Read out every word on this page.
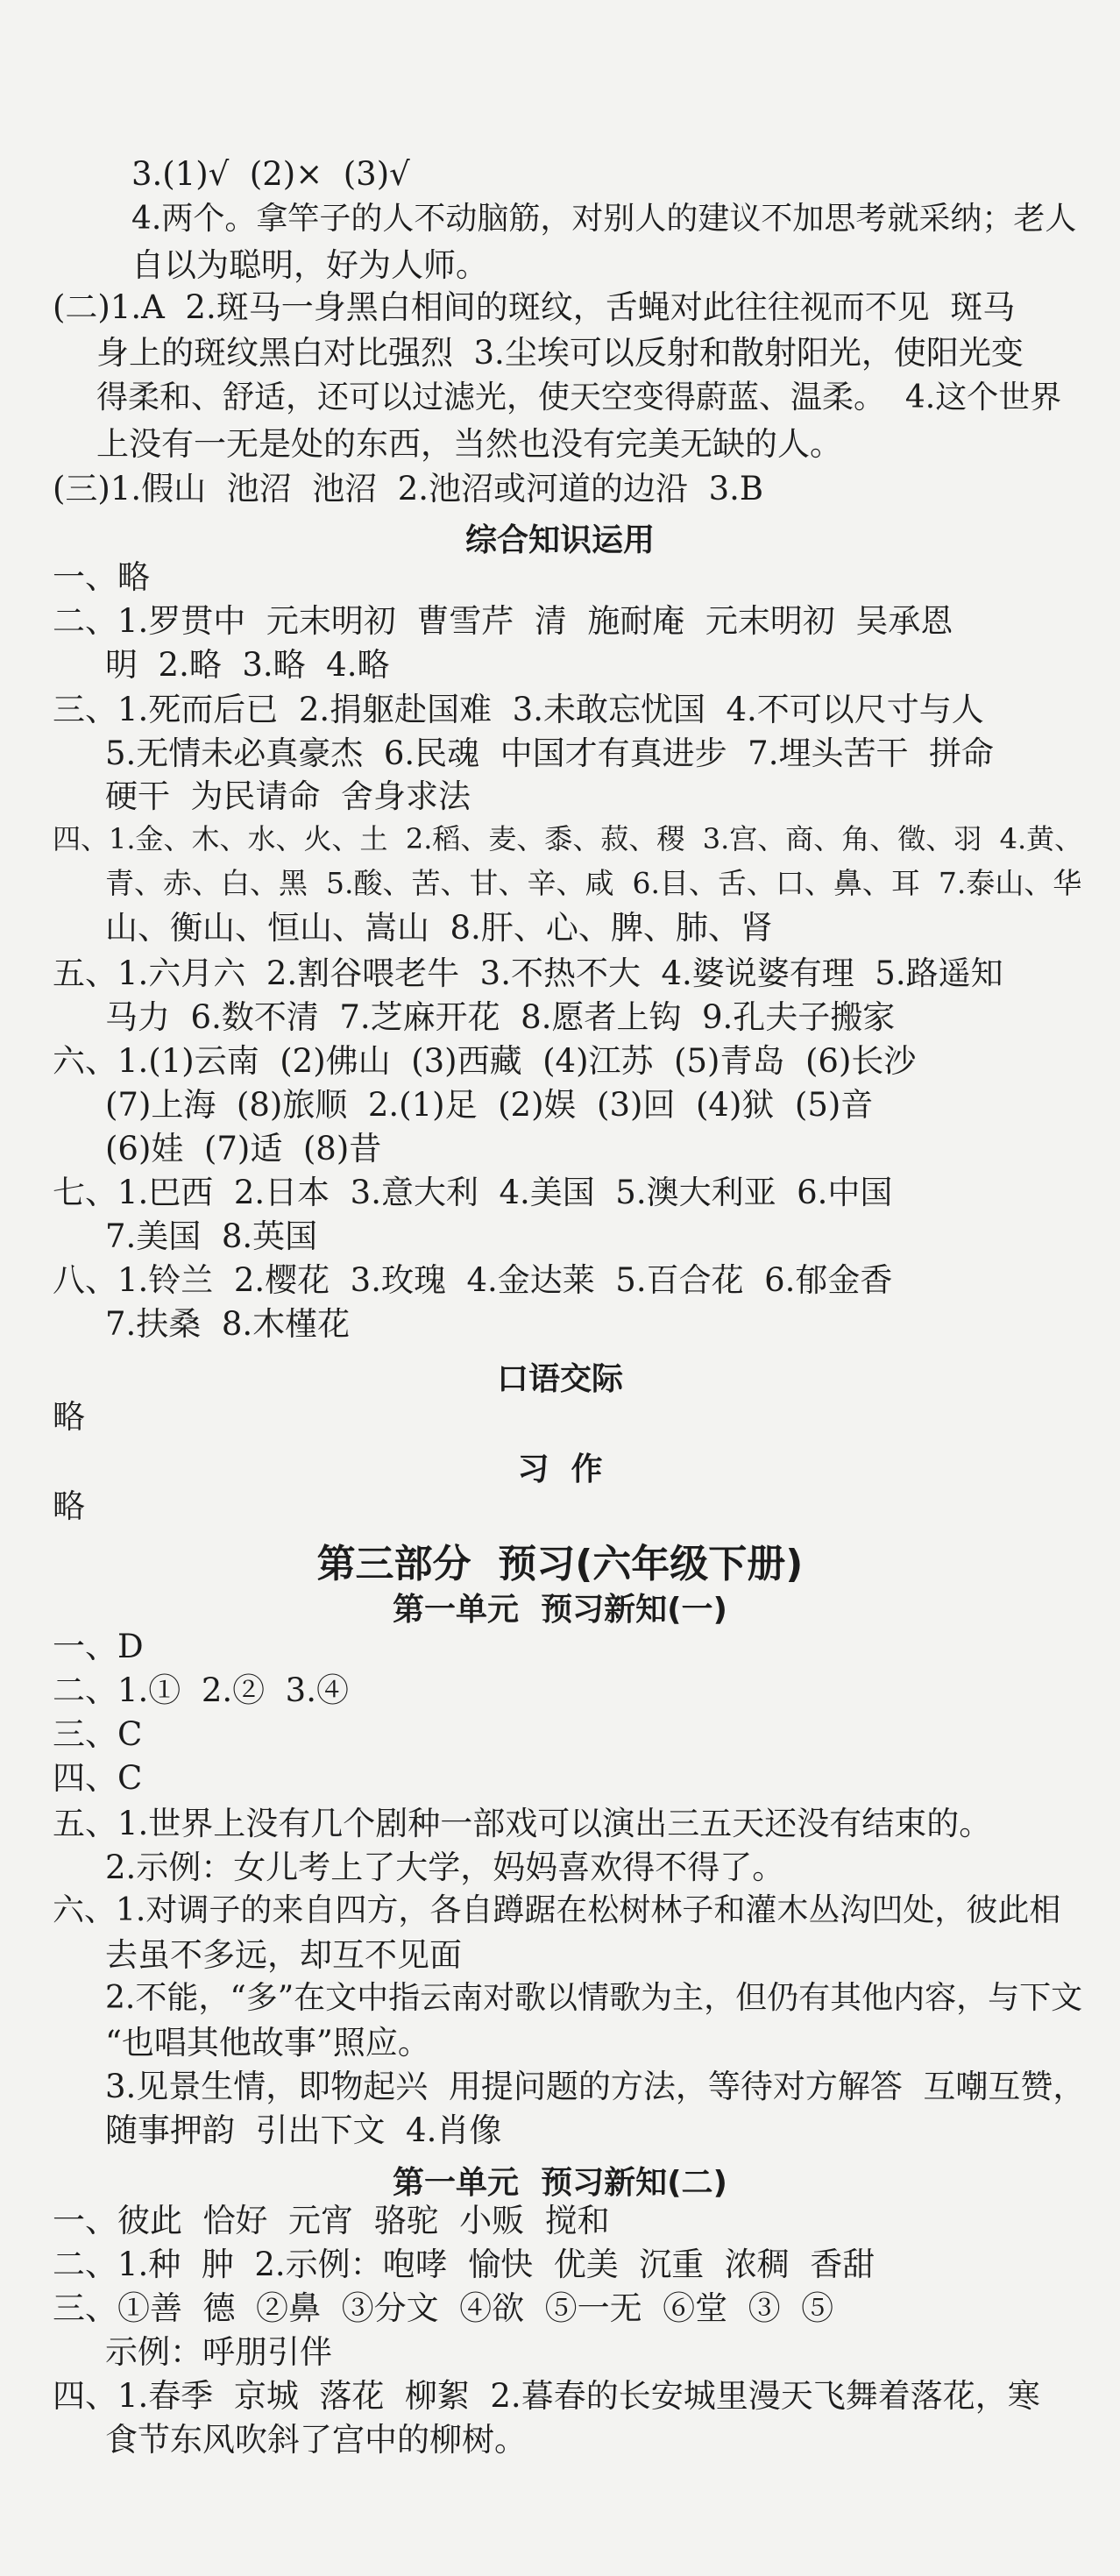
综合知识运用
口语交际
习  作
第三部分  预习(六年级下册)
第一单元  预习新知(一)
第一单元  预习新知(二)
3.(1)√  (2)×  (3)√
4.两个。拿竿子的人不动脑筋，对别人的建议不加思考就采纳；老人
自以为聪明，好为人师。
(二)1.A  2.斑马一身黑白相间的斑纹，舌蝇对此往往视而不见  斑马
身上的斑纹黑白对比强烈  3.尘埃可以反射和散射阳光，使阳光变
得柔和、舒适，还可以过滤光，使天空变得蔚蓝、温柔。  4.这个世界
上没有一无是处的东西，当然也没有完美无缺的人。
(三)1.假山  池沼  池沼  2.池沼或河道的边沿  3.B
一、略
二、1.罗贯中  元末明初  曹雪芹  清  施耐庵  元末明初  吴承恩
明  2.略  3.略  4.略
三、1.死而后已  2.捐躯赴国难  3.未敢忘忧国  4.不可以尺寸与人
5.无情未必真豪杰  6.民魂  中国才有真进步  7.埋头苦干  拼命
硬干  为民请命  舍身求法
四、1.金、木、水、火、土  2.稻、麦、黍、菽、稷  3.宫、商、角、徵、羽  4.黄、
青、赤、白、黑  5.酸、苦、甘、辛、咸  6.目、舌、口、鼻、耳  7.泰山、华
山、衡山、恒山、嵩山  8.肝、心、脾、肺、肾
五、1.六月六  2.割谷喂老牛  3.不热不大  4.婆说婆有理  5.路遥知
马力  6.数不清  7.芝麻开花  8.愿者上钩  9.孔夫子搬家
六、1.(1)云南  (2)佛山  (3)西藏  (4)江苏  (5)青岛  (6)长沙
(7)上海  (8)旅顺  2.(1)足  (2)娱  (3)回  (4)狱  (5)音
(6)娃  (7)适  (8)昔
七、1.巴西  2.日本  3.意大利  4.美国  5.澳大利亚  6.中国
7.美国  8.英国
八、1.铃兰  2.樱花  3.玫瑰  4.金达莱  5.百合花  6.郁金香
7.扶桑  8.木槿花
略
略
一、D
二、1.①  2.②  3.④
三、C
四、C
五、1.世界上没有几个剧种一部戏可以演出三五天还没有结束的。
2.示例：女儿考上了大学，妈妈喜欢得不得了。
六、1.对调子的来自四方，各自蹲踞在松树林子和灌木丛沟凹处，彼此相
去虽不多远，却互不见面
2.不能，“多”在文中指云南对歌以情歌为主，但仍有其他内容，与下文
“也唱其他故事”照应。
3.见景生情，即物起兴  用提问题的方法，等待对方解答  互嘲互赞，
随事押韵  引出下文  4.肖像
一、彼此  恰好  元宵  骆驼  小贩  搅和
二、1.种  肿  2.示例：咆哮  愉快  优美  沉重  浓稠  香甜
三、①善  德  ②鼻  ③分文  ④欲  ⑤一无  ⑥堂  ③  ⑤
示例：呼朋引伴
四、1.春季  京城  落花  柳絮  2.暮春的长安城里漫天飞舞着落花，寒
食节东风吹斜了宫中的柳树。
